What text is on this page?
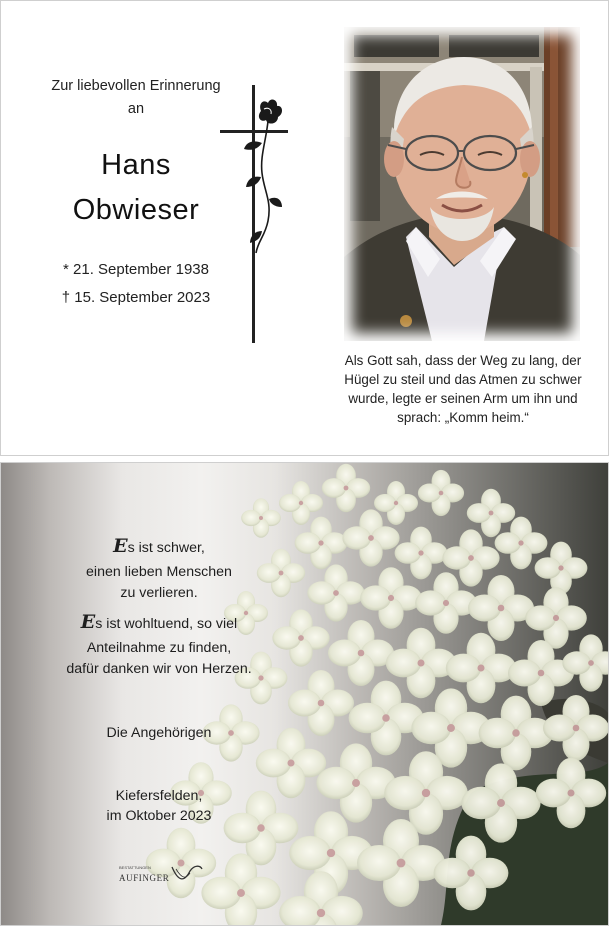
Zur liebevollen Erinnerung
an
Hans
Obwieser
* 21. September 1938
† 15. September 2023
Als Gott sah, dass der Weg zu lang, der
Hügel zu steil und das Atmen zu schwer
wurde, legte er seinen Arm um ihn und
sprach: „Komm heim.“
Es ist schwer,
einen lieben Menschen
zu verlieren.
Es ist wohltuend, so viel
Anteilnahme zu finden,
dafür danken wir von Herzen.
Die Angehörigen
Kiefersfelden,
im Oktober 2023
BESTATTUNGEN
AUFINGER
